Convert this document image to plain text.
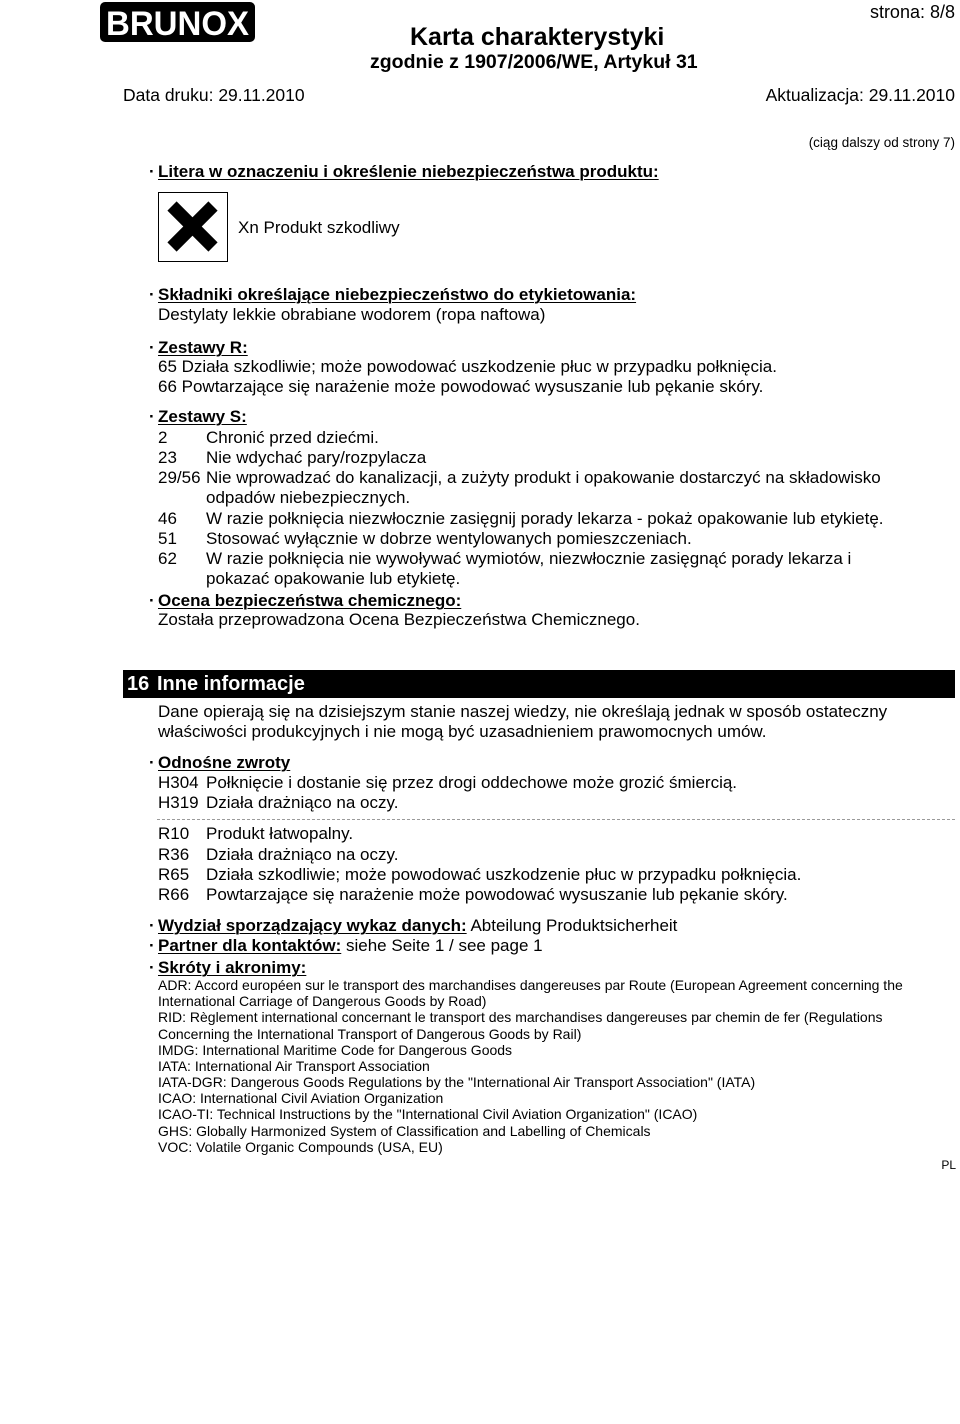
BRUNOX	strona: 8/8
Karta charakterystyki
zgodnie z 1907/2006/WE, Artykuł 31
Data druku: 29.11.2010	Aktualizacja: 29.11.2010
(ciąg dalszy od strony 7)
· Litera w oznaczeniu i określenie niebezpieczeństwa produktu:
Xn Produkt szkodliwy
· Składniki określające niebezpieczeństwo do etykietowania:
Destylaty lekkie obrabiane wodorem (ropa naftowa)
· Zestawy R:
65 Działa szkodliwie; może powodować uszkodzenie płuc w przypadku połknięcia.
66 Powtarzające się narażenie może powodować wysuszanie lub pękanie skóry.
· Zestawy S:
2 Chronić przed dziećmi.
23 Nie wdychać pary/rozpylacza
29/56 Nie wprowadzać do kanalizacji, a zużyty produkt i opakowanie dostarczyć na składowisko
odpadów niebezpiecznych.
46 W razie połknięcia niezwłocznie zasięgnij porady lekarza - pokaż opakowanie lub etykietę.
51 Stosować wyłącznie w dobrze wentylowanych pomieszczeniach.
62 W razie połknięcia nie wywoływać wymiotów, niezwłocznie zasięgnąć porady lekarza i
pokazać opakowanie lub etykietę.
· Ocena bezpieczeństwa chemicznego:
Została przeprowadzona Ocena Bezpieczeństwa Chemicznego.
16 Inne informacje
Dane opierają się na dzisiejszym stanie naszej wiedzy, nie określają jednak w sposób ostateczny
właściwości produkcyjnych i nie mogą być uzasadnieniem prawomocnych umów.
· Odnośne zwroty
H304 Połknięcie i dostanie się przez drogi oddechowe może grozić śmiercią.
H319 Działa drażniąco na oczy.
R10 Produkt łatwopalny.
R36 Działa drażniąco na oczy.
R65 Działa szkodliwie; może powodować uszkodzenie płuc w przypadku połknięcia.
R66 Powtarzające się narażenie może powodować wysuszanie lub pękanie skóry.
· Wydział sporządzający wykaz danych: Abteilung Produktsicherheit
· Partner dla kontaktów: siehe Seite 1 / see page 1
· Skróty i akronimy:
ADR: Accord européen sur le transport des marchandises dangereuses par Route (European Agreement concerning the
International Carriage of Dangerous Goods by Road)
RID: Règlement international concernant le transport des marchandises dangereuses par chemin de fer (Regulations
Concerning the International Transport of Dangerous Goods by Rail)
IMDG: International Maritime Code for Dangerous Goods
IATA: International Air Transport Association
IATA-DGR: Dangerous Goods Regulations by the "International Air Transport Association" (IATA)
ICAO: International Civil Aviation Organization
ICAO-TI: Technical Instructions by the "International Civil Aviation Organization" (ICAO)
GHS: Globally Harmonized System of Classification and Labelling of Chemicals
VOC: Volatile Organic Compounds (USA, EU)
PL
